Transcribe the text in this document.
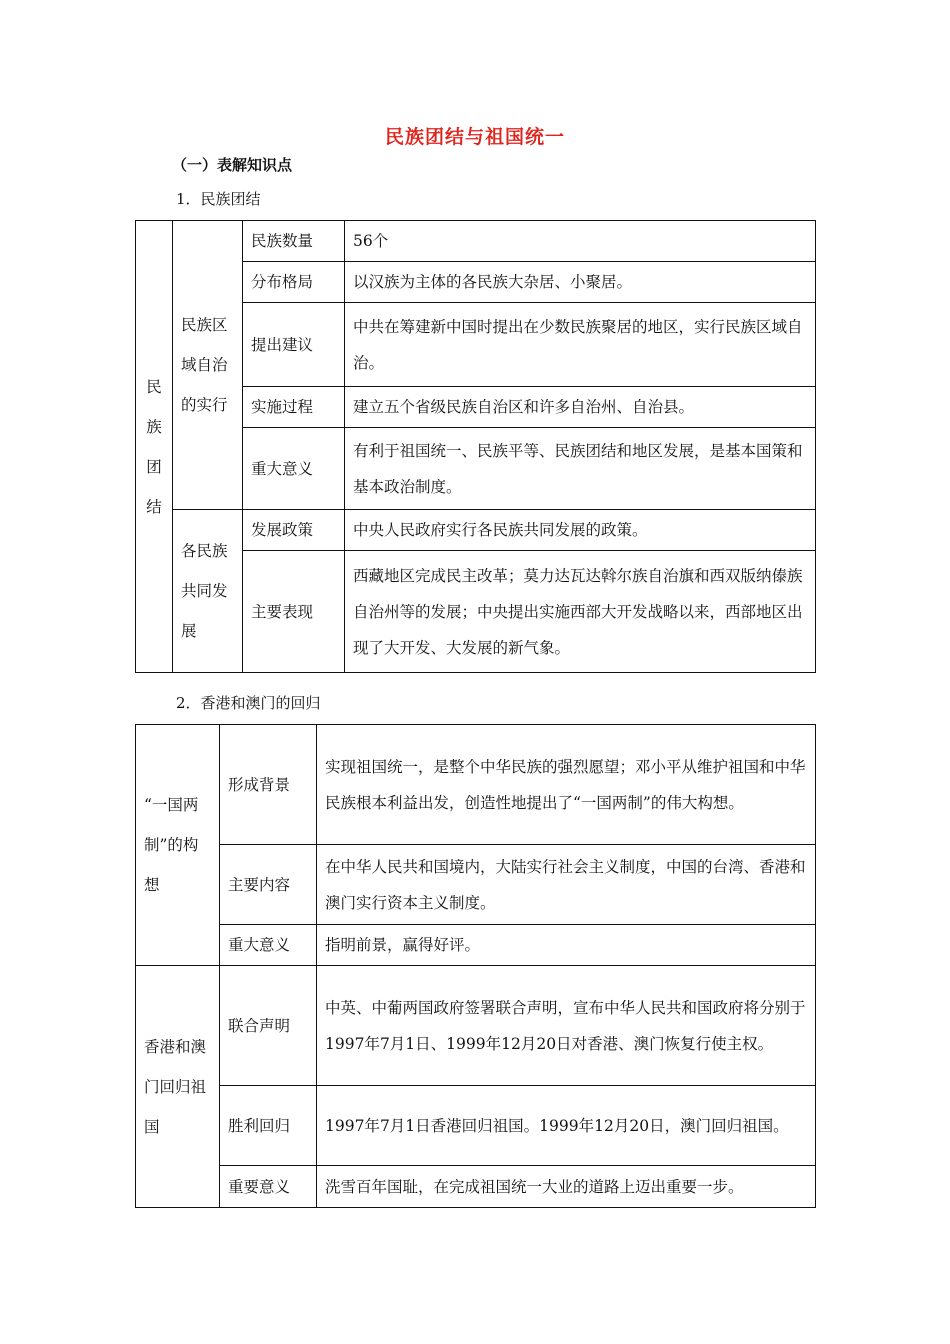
民族团结与祖国统一
（一）表解知识点
1．民族团结
民族团结	民族区域自治的实行	民族数量	56个
		分布格局	以汉族为主体的各民族大杂居、小聚居。
		提出建议	中共在筹建新中国时提出在少数民族聚居的地区，实行民族区域自治。
		实施过程	建立五个省级民族自治区和许多自治州、自治县。
		重大意义	有利于祖国统一、民族平等、民族团结和地区发展，是基本国策和基本政治制度。
	各民族共同发展	发展政策	中央人民政府实行各民族共同发展的政策。
		主要表现	西藏地区完成民主改革；莫力达瓦达斡尔族自治旗和西双版纳傣族自治州等的发展；中央提出实施西部大开发战略以来，西部地区出现了大开发、大发展的新气象。
2．香港和澳门的回归
“一国两制”的构想	形成背景	实现祖国统一，是整个中华民族的强烈愿望；邓小平从维护祖国和中华民族根本利益出发，创造性地提出了“一国两制”的伟大构想。
	主要内容	在中华人民共和国境内，大陆实行社会主义制度，中国的台湾、香港和澳门实行资本主义制度。
	重大意义	指明前景，赢得好评。
香港和澳门回归祖国	联合声明	中英、中葡两国政府签署联合声明，宣布中华人民共和国政府将分别于1997年7月1日、1999年12月20日对香港、澳门恢复行使主权。
	胜利回归	1997年7月1日香港回归祖国。1999年12月20日，澳门回归祖国。
	重要意义	洗雪百年国耻，在完成祖国统一大业的道路上迈出重要一步。
